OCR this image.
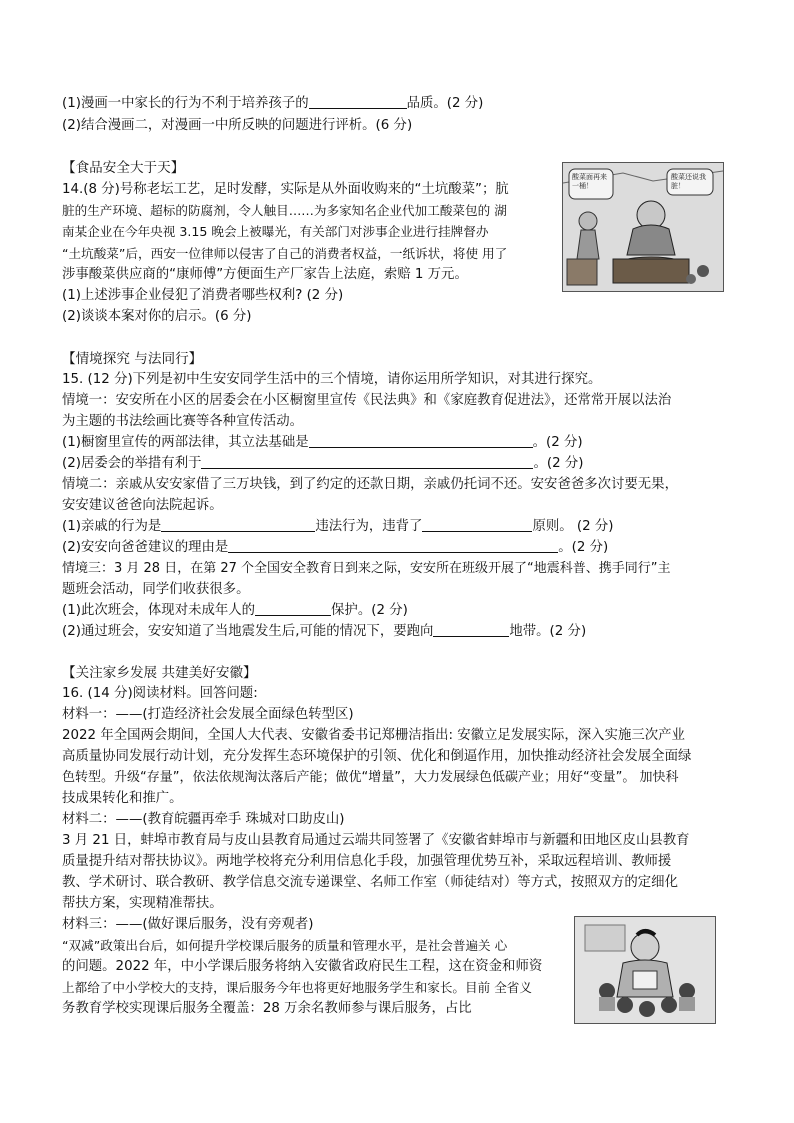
(1)漫画一中家长的行为不利于培养孩子的	品质。(2 分)
(2)结合漫画二，对漫画一中所反映的问题进行评析。(6 分)
【食品安全大于天】
14.(8 分)号称老坛工艺，足时发酵，实际是从外面收购来的“土坑酸菜”；肮
脏的生产环境、超标的防腐剂，令人触目……为多家知名企业代加工酸菜包的 湖
南某企业在今年央视 3.15 晚会上被曝光，有关部门对涉事企业进行挂牌督办
“土坑酸菜”后，西安一位律师以侵害了自己的消费者权益，一纸诉状，将使 用了
涉事酸菜供应商的“康师傅”方便面生产厂家告上法庭，索赔 1 万元。
(1)上述涉事企业侵犯了消费者哪些权利? (2 分)
(2)谈谈本案对你的启示。(6 分)
酸菜面再来一桶！
酸菜还说我脏！
【情境探究 与法同行】
15. (12 分)下列是初中生安安同学生活中的三个情境，请你运用所学知识，对其进行探究。
情境一：安安所在小区的居委会在小区橱窗里宣传《民法典》和《家庭教育促进法》，还常常开展以法治
为主题的书法绘画比赛等各种宣传活动。
(1)橱窗里宣传的两部法律，其立法基础是	。(2 分)
(2)居委会的举措有利于	。(2 分)
情境二：亲戚从安安家借了三万块钱，到了约定的还款日期，亲戚仍托词不还。安安爸爸多次讨要无果，
安安建议爸爸向法院起诉。
(1)亲戚的行为是	违法行为，违背了	原则。 (2 分)
(2)安安向爸爸建议的理由是	。(2 分)
情境三：3 月 28 日，在第 27 个全国安全教育日到来之际，安安所在班级开展了“地震科普、携手同行”主
题班会活动，同学们收获很多。
(1)此次班会，体现对未成年人的	保护。(2 分)
(2)通过班会，安安知道了当地震发生后,可能的情况下，要跑向	地带。(2 分)
【关注家乡发展 共建美好安徽】
16. (14 分)阅读材料。回答问题:
材料一：——(打造经济社会发展全面绿色转型区)
2022 年全国两会期间，全国人大代表、安徽省委书记郑栅洁指出: 安徽立足发展实际，深入实施三次产业
高质量协同发展行动计划，充分发挥生态环境保护的引领、优化和倒逼作用，加快推动经济社会发展全面绿
色转型。升级“存量”，依法依规淘汰落后产能；做优“增量”，大力发展绿色低碳产业；用好“变量”。 加快科
技成果转化和推广。
材料二：——(教育皖疆再牵手 珠城对口助皮山)
3 月 21 日，蚌埠市教育局与皮山县教育局通过云端共同签署了《安徽省蚌埠市与新疆和田地区皮山县教育
质量提升结对帮扶协议》。两地学校将充分利用信息化手段，加强管理优势互补，采取远程培训、教师援
教、学术研讨、联合教研、教学信息交流专递课堂、名师工作室（师徒结对）等方式，按照双方的定细化
帮扶方案，实现精准帮扶。
材料三：——(做好课后服务，没有旁观者)
“双减”政策出台后，如何提升学校课后服务的质量和管理水平，是社会普遍关 心
的问题。2022 年，中小学课后服务将纳入安徽省政府民生工程，这在资金和师资
上都给了中小学校大的支持，课后服务今年也将更好地服务学生和家长。目前 全省义
务教育学校实现课后服务全覆盖：28 万余名教师参与课后服务，占比
